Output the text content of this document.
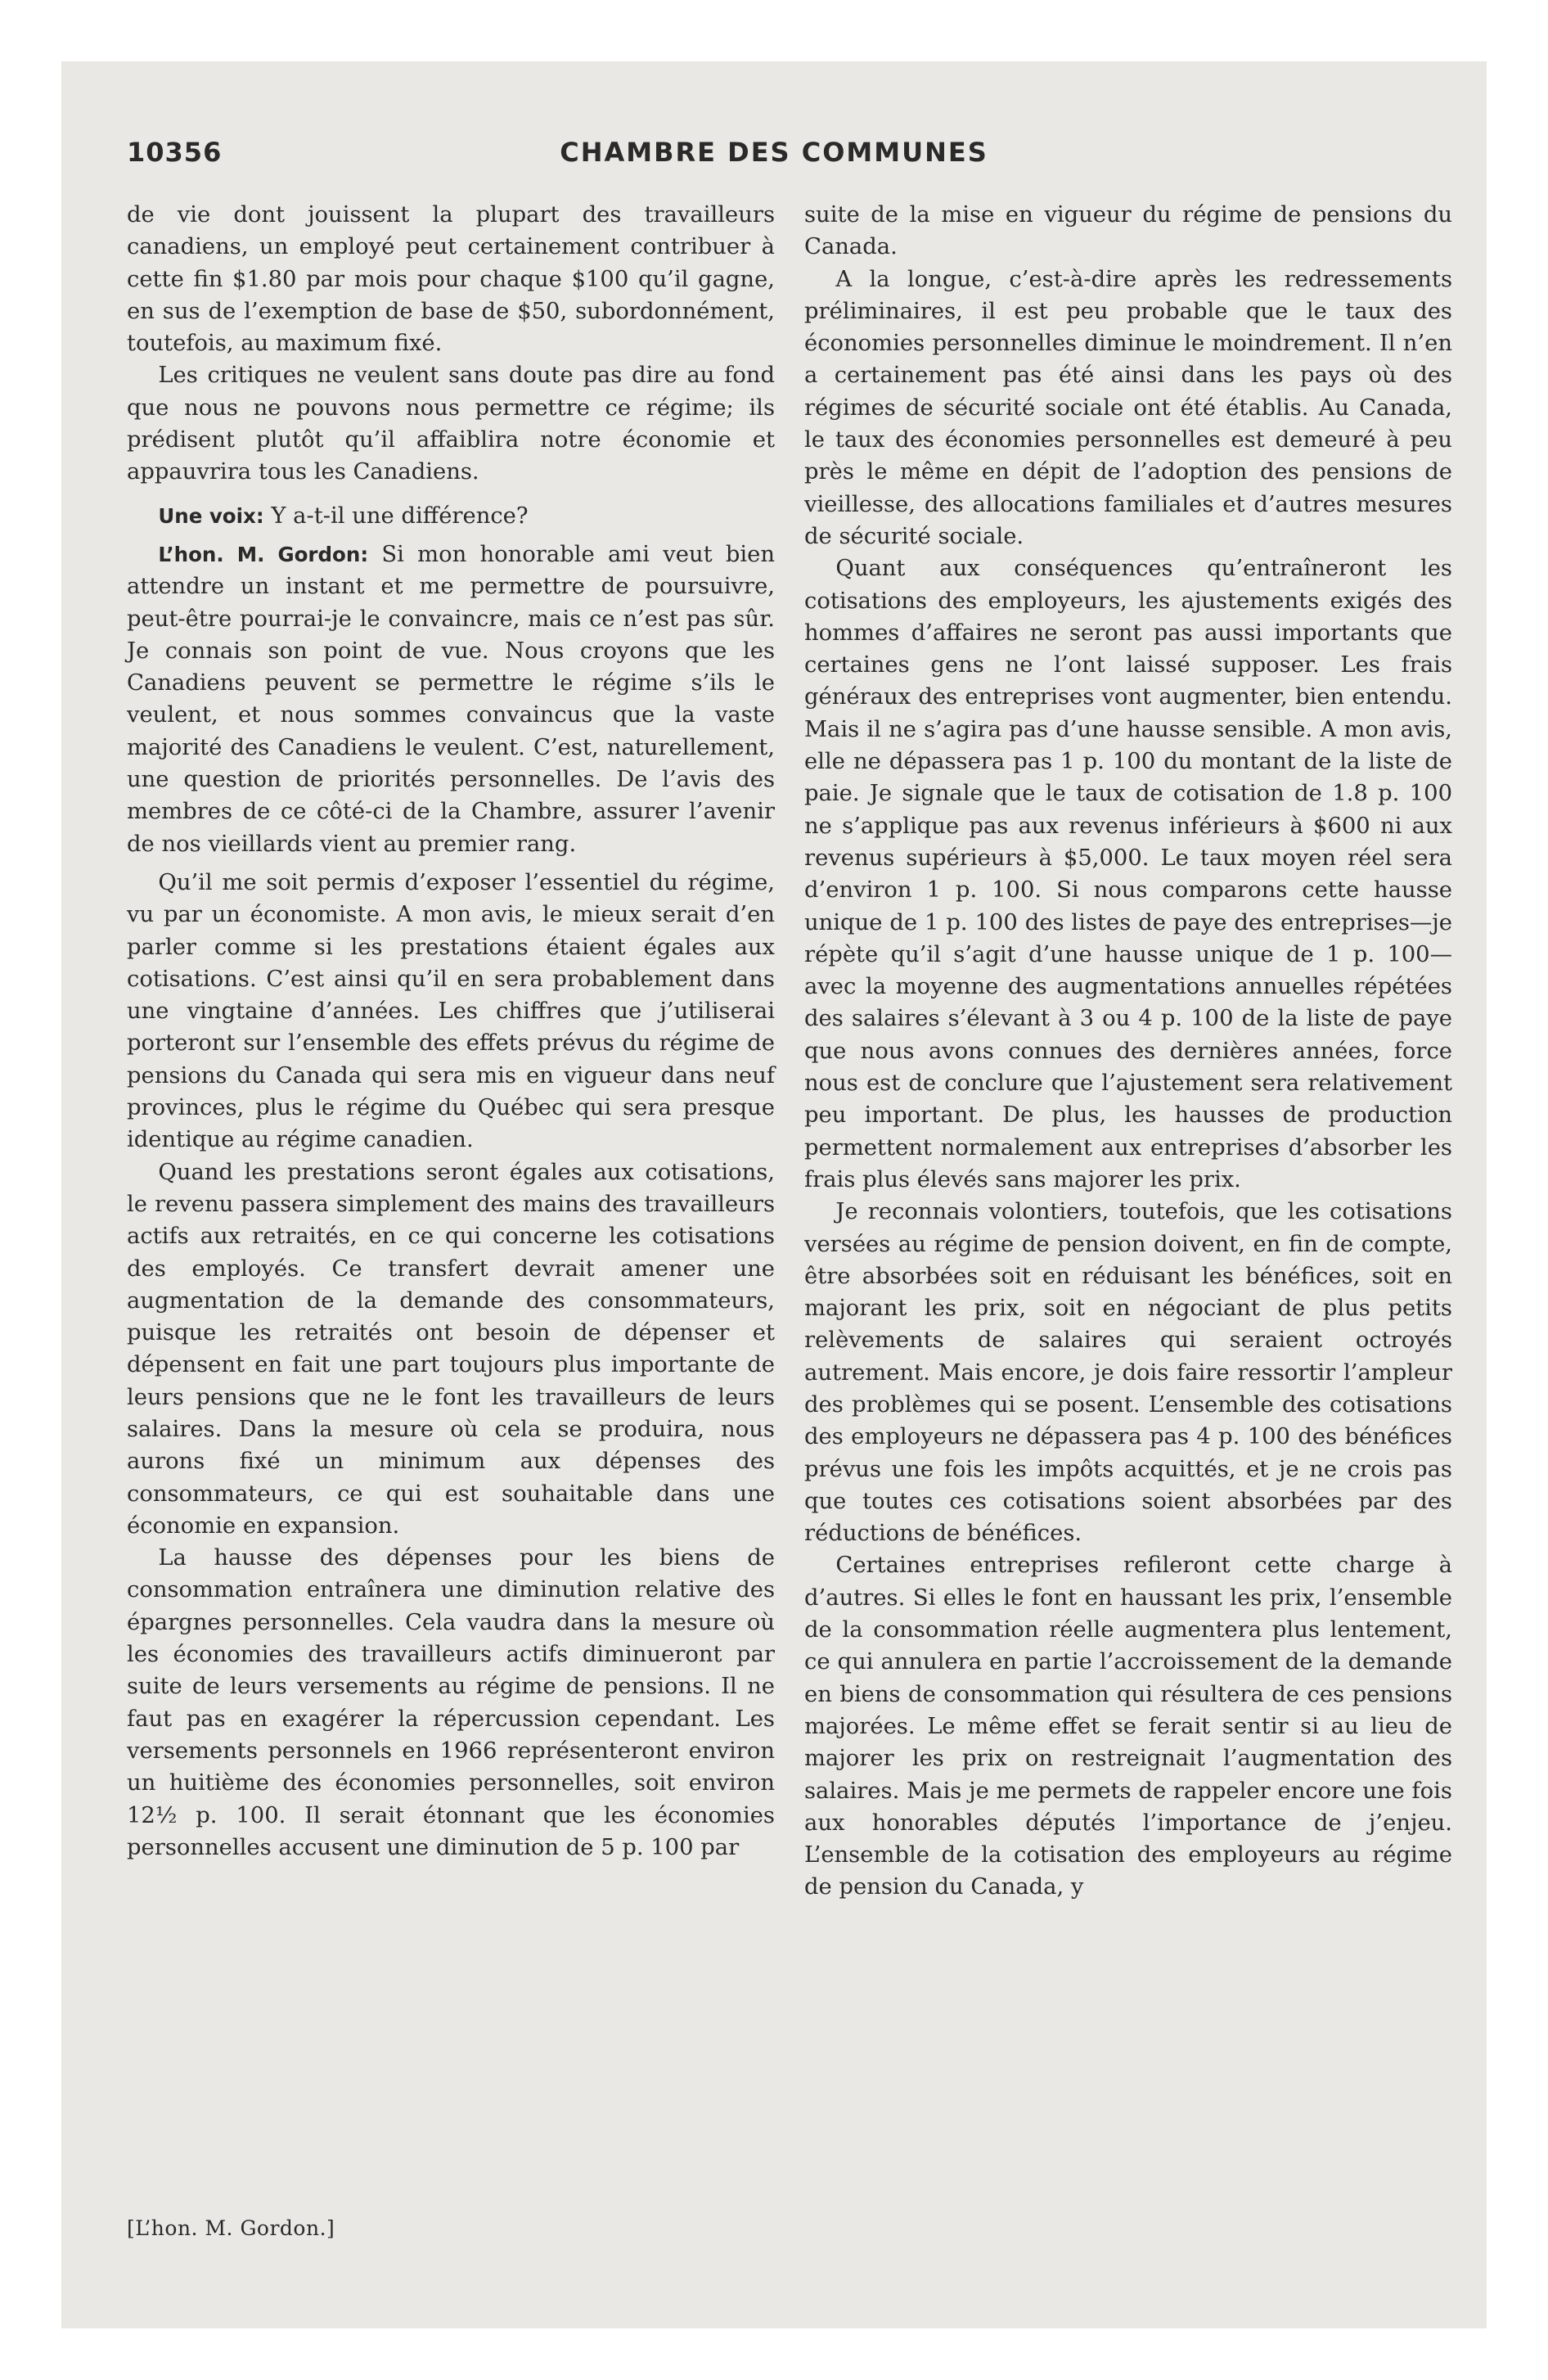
10356	CHAMBRE DES COMMUNES

de vie dont jouissent la plupart des travailleurs canadiens, un employé peut certainement contribuer à cette fin $1.80 par mois pour chaque $100 qu’il gagne, en sus de l’exemption de base de $50, subordonnément, toutefois, au maximum fixé.

Les critiques ne veulent sans doute pas dire au fond que nous ne pouvons nous permettre ce régime; ils prédisent plutôt qu’il affaiblira notre économie et appauvrira tous les Canadiens.

Une voix: Y a-t-il une différence?

L’hon. M. Gordon: Si mon honorable ami veut bien attendre un instant et me permettre de poursuivre, peut-être pourrai-je le convaincre, mais ce n’est pas sûr. Je connais son point de vue. Nous croyons que les Canadiens peuvent se permettre le régime s’ils le veulent, et nous sommes convaincus que la vaste majorité des Canadiens le veulent. C’est, naturellement, une question de priorités personnelles. De l’avis des membres de ce côté-ci de la Chambre, assurer l’avenir de nos vieillards vient au premier rang.

Qu’il me soit permis d’exposer l’essentiel du régime, vu par un économiste. A mon avis, le mieux serait d’en parler comme si les prestations étaient égales aux cotisations. C’est ainsi qu’il en sera probablement dans une vingtaine d’années. Les chiffres que j’utiliserai porteront sur l’ensemble des effets prévus du régime de pensions du Canada qui sera mis en vigueur dans neuf provinces, plus le régime du Québec qui sera presque identique au régime canadien.

Quand les prestations seront égales aux cotisations, le revenu passera simplement des mains des travailleurs actifs aux retraités, en ce qui concerne les cotisations des employés. Ce transfert devrait amener une augmentation de la demande des consommateurs, puisque les retraités ont besoin de dépenser et dépensent en fait une part toujours plus importante de leurs pensions que ne le font les travailleurs de leurs salaires. Dans la mesure où cela se produira, nous aurons fixé un minimum aux dépenses des consommateurs, ce qui est souhaitable dans une économie en expansion.

La hausse des dépenses pour les biens de consommation entraînera une diminution relative des épargnes personnelles. Cela vaudra dans la mesure où les économies des travailleurs actifs diminueront par suite de leurs versements au régime de pensions. Il ne faut pas en exagérer la répercussion cependant. Les versements personnels en 1966 représenteront environ un huitième des économies personnelles, soit environ 12½ p. 100. Il serait étonnant que les économies personnelles accusent une diminution de 5 p. 100 par

suite de la mise en vigueur du régime de pensions du Canada.

A la longue, c’est-à-dire après les redressements préliminaires, il est peu probable que le taux des économies personnelles diminue le moindrement. Il n’en a certainement pas été ainsi dans les pays où des régimes de sécurité sociale ont été établis. Au Canada, le taux des économies personnelles est demeuré à peu près le même en dépit de l’adoption des pensions de vieillesse, des allocations familiales et d’autres mesures de sécurité sociale.

Quant aux conséquences qu’entraîneront les cotisations des employeurs, les ajustements exigés des hommes d’affaires ne seront pas aussi importants que certaines gens ne l’ont laissé supposer. Les frais généraux des entreprises vont augmenter, bien entendu. Mais il ne s’agira pas d’une hausse sensible. A mon avis, elle ne dépassera pas 1 p. 100 du montant de la liste de paie. Je signale que le taux de cotisation de 1.8 p. 100 ne s’applique pas aux revenus inférieurs à $600 ni aux revenus supérieurs à $5,000. Le taux moyen réel sera d’environ 1 p. 100. Si nous comparons cette hausse unique de 1 p. 100 des listes de paye des entreprises—je répète qu’il s’agit d’une hausse unique de 1 p. 100—avec la moyenne des augmentations annuelles répétées des salaires s’élevant à 3 ou 4 p. 100 de la liste de paye que nous avons connues des dernières années, force nous est de conclure que l’ajustement sera relativement peu important. De plus, les hausses de production permettent normalement aux entreprises d’absorber les frais plus élevés sans majorer les prix.

Je reconnais volontiers, toutefois, que les cotisations versées au régime de pension doivent, en fin de compte, être absorbées soit en réduisant les bénéfices, soit en majorant les prix, soit en négociant de plus petits relèvements de salaires qui seraient octroyés autrement. Mais encore, je dois faire ressortir l’ampleur des problèmes qui se posent. L’ensemble des cotisations des employeurs ne dépassera pas 4 p. 100 des bénéfices prévus une fois les impôts acquittés, et je ne crois pas que toutes ces cotisations soient absorbées par des réductions de bénéfices.

Certaines entreprises refileront cette charge à d’autres. Si elles le font en haussant les prix, l’ensemble de la consommation réelle augmentera plus lentement, ce qui annulera en partie l’accroissement de la demande en biens de consommation qui résultera de ces pensions majorées. Le même effet se ferait sentir si au lieu de majorer les prix on restreignait l’augmentation des salaires. Mais je me permets de rappeler encore une fois aux honorables députés l’importance de j’enjeu. L’ensemble de la cotisation des employeurs au régime de pension du Canada, y

[L’hon. M. Gordon.]
